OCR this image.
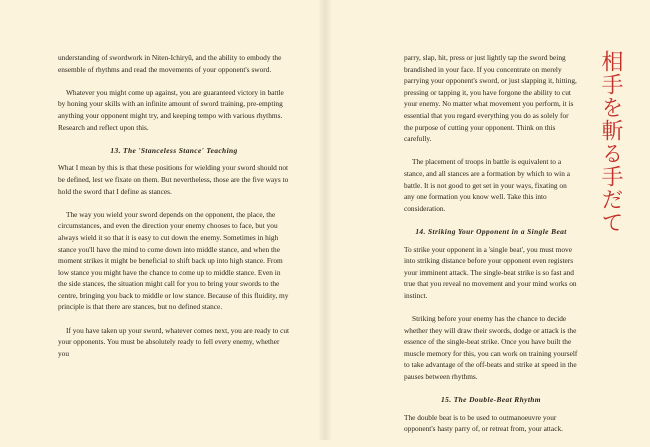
understanding of swordwork in Niten-Ichiryū, and the ability to embody the ensemble of rhythms and read the movements of your opponent's sword.

Whatever you might come up against, you are guaranteed victory in battle by honing your skills with an infinite amount of sword training, pre-empting anything your opponent might try, and keeping tempo with various rhythms. Research and reflect upon this.

13. The 'Stanceless Stance' Teaching

What I mean by this is that these positions for wielding your sword should not be defined, lest we fixate on them. But nevertheless, those are the five ways to hold the sword that I define as stances.

The way you wield your sword depends on the opponent, the place, the circumstances, and even the direction your enemy chooses to face, but you always wield it so that it is easy to cut down the enemy. Sometimes in high stance you'll have the mind to come down into middle stance, and when the moment strikes it might be beneficial to shift back up into high stance. From low stance you might have the chance to come up to middle stance. Even in the side stances, the situation might call for you to bring your swords to the centre, bringing you back to middle or low stance. Because of this fluidity, my principle is that there are stances, but no defined stance.

If you have taken up your sword, whatever comes next, you are ready to cut your opponents. You must be absolutely ready to fell every enemy, whether you

parry, slap, hit, press or just lightly tap the sword being brandished in your face. If you concentrate on merely parrying your opponent's sword, or just slapping it, hitting, pressing or tapping it, you have forgone the ability to cut your enemy. No matter what movement you perform, it is essential that you regard everything you do as solely for the purpose of cutting your opponent. Think on this carefully.

The placement of troops in battle is equivalent to a stance, and all stances are a formation by which to win a battle. It is not good to get set in your ways, fixating on any one formation you know well. Take this into consideration.

14. Striking Your Opponent in a Single Beat

To strike your opponent in a 'single beat', you must move into striking distance before your opponent even registers your imminent attack. The single-beat strike is so fast and true that you reveal no movement and your mind works on instinct.

Striking before your enemy has the chance to decide whether they will draw their swords, dodge or attack is the essence of the single-beat strike. Once you have built the muscle memory for this, you can work on training yourself to take advantage of the off-beats and strike at speed in the pauses between rhythms.

15. The Double-Beat Rhythm

The double beat is to be used to outmanoeuvre your opponent's hasty parry of, or retreat from, your attack.

相手を斬る手だて
